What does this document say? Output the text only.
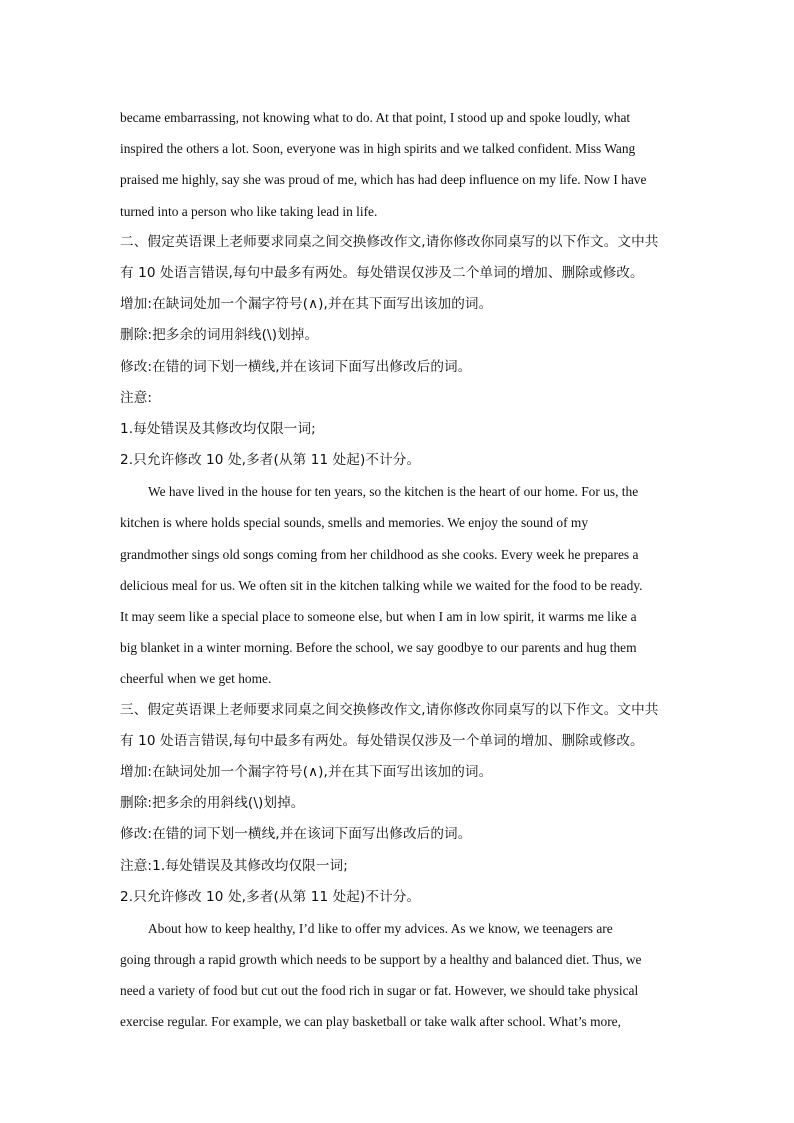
became embarrassing, not knowing what to do. At that point, I stood up and spoke loudly, what
inspired the others a lot. Soon, everyone was in high spirits and we talked confident. Miss Wang
praised me highly, say she was proud of me, which has had deep influence on my life. Now I have
turned into a person who like taking lead in life.
二、假定英语课上老师要求同桌之间交换修改作文,请你修改你同桌写的以下作文。文中共
有 10 处语言错误,每句中最多有两处。每处错误仅涉及二个单词的增加、删除或修改。
增加:在缺词处加一个漏字符号(∧),并在其下面写出该加的词。
删除:把多余的词用斜线(\)划掉。
修改:在错的词下划一横线,并在该词下面写出修改后的词。
注意:
1.每处错误及其修改均仅限一词;
2.只允许修改 10 处,多者(从第 11 处起)不计分。
We have lived in the house for ten years, so the kitchen is the heart of our home. For us, the
kitchen is where holds special sounds, smells and memories. We enjoy the sound of my
grandmother sings old songs coming from her childhood as she cooks. Every week he prepares a
delicious meal for us. We often sit in the kitchen talking while we waited for the food to be ready.
It may seem like a special place to someone else, but when I am in low spirit, it warms me like a
big blanket in a winter morning. Before the school, we say goodbye to our parents and hug them
cheerful when we get home.
三、假定英语课上老师要求同桌之间交换修改作文,请你修改你同桌写的以下作文。文中共
有 10 处语言错误,每句中最多有两处。每处错误仅涉及一个单词的增加、删除或修改。
增加:在缺词处加一个漏字符号(∧),并在其下面写出该加的词。
删除:把多余的用斜线(\)划掉。
修改:在错的词下划一横线,并在该词下面写出修改后的词。
注意:1.每处错误及其修改均仅限一词;
2.只允许修改 10 处,多者(从第 11 处起)不计分。
About how to keep healthy, I’d like to offer my advices. As we know, we teenagers are
going through a rapid growth which needs to be support by a healthy and balanced diet. Thus, we
need a variety of food but cut out the food rich in sugar or fat. However, we should take physical
exercise regular. For example, we can play basketball or take walk after school. What’s more,
